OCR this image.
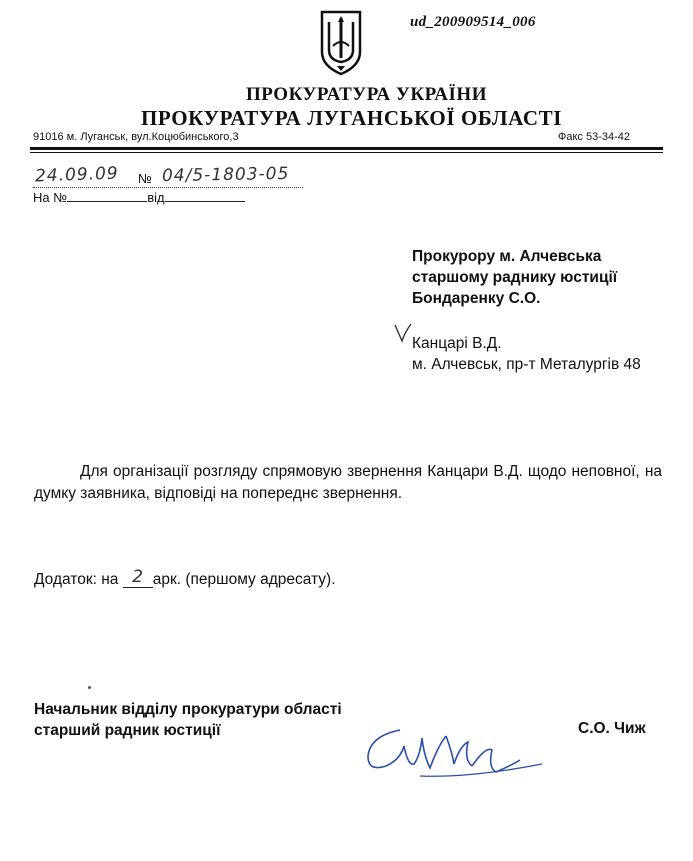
ud_200909514_006
ПРОКУРАТУРА УКРАЇНИ
ПРОКУРАТУРА ЛУГАНСЬКОЇ ОБЛАСТІ
91016 м. Луганськ, вул.Коцюбинського,3	Факс 53-34-42
24.09.09 № 04/5-1803-05
На №	від
Прокурору м. Алчевська
старшому раднику юстиції
Бондаренку С.О.
Канцарі В.Д.
м. Алчевськ, пр-т Металургів 48
Для організації розгляду спрямовую звернення Канцари В.Д. щодо неповної, на думку заявника, відповіді на попереднє звернення.
Додаток: на 2 арк. (першому адресату).
Начальник відділу прокуратури області
старший радник юстиції	С.О. Чиж
